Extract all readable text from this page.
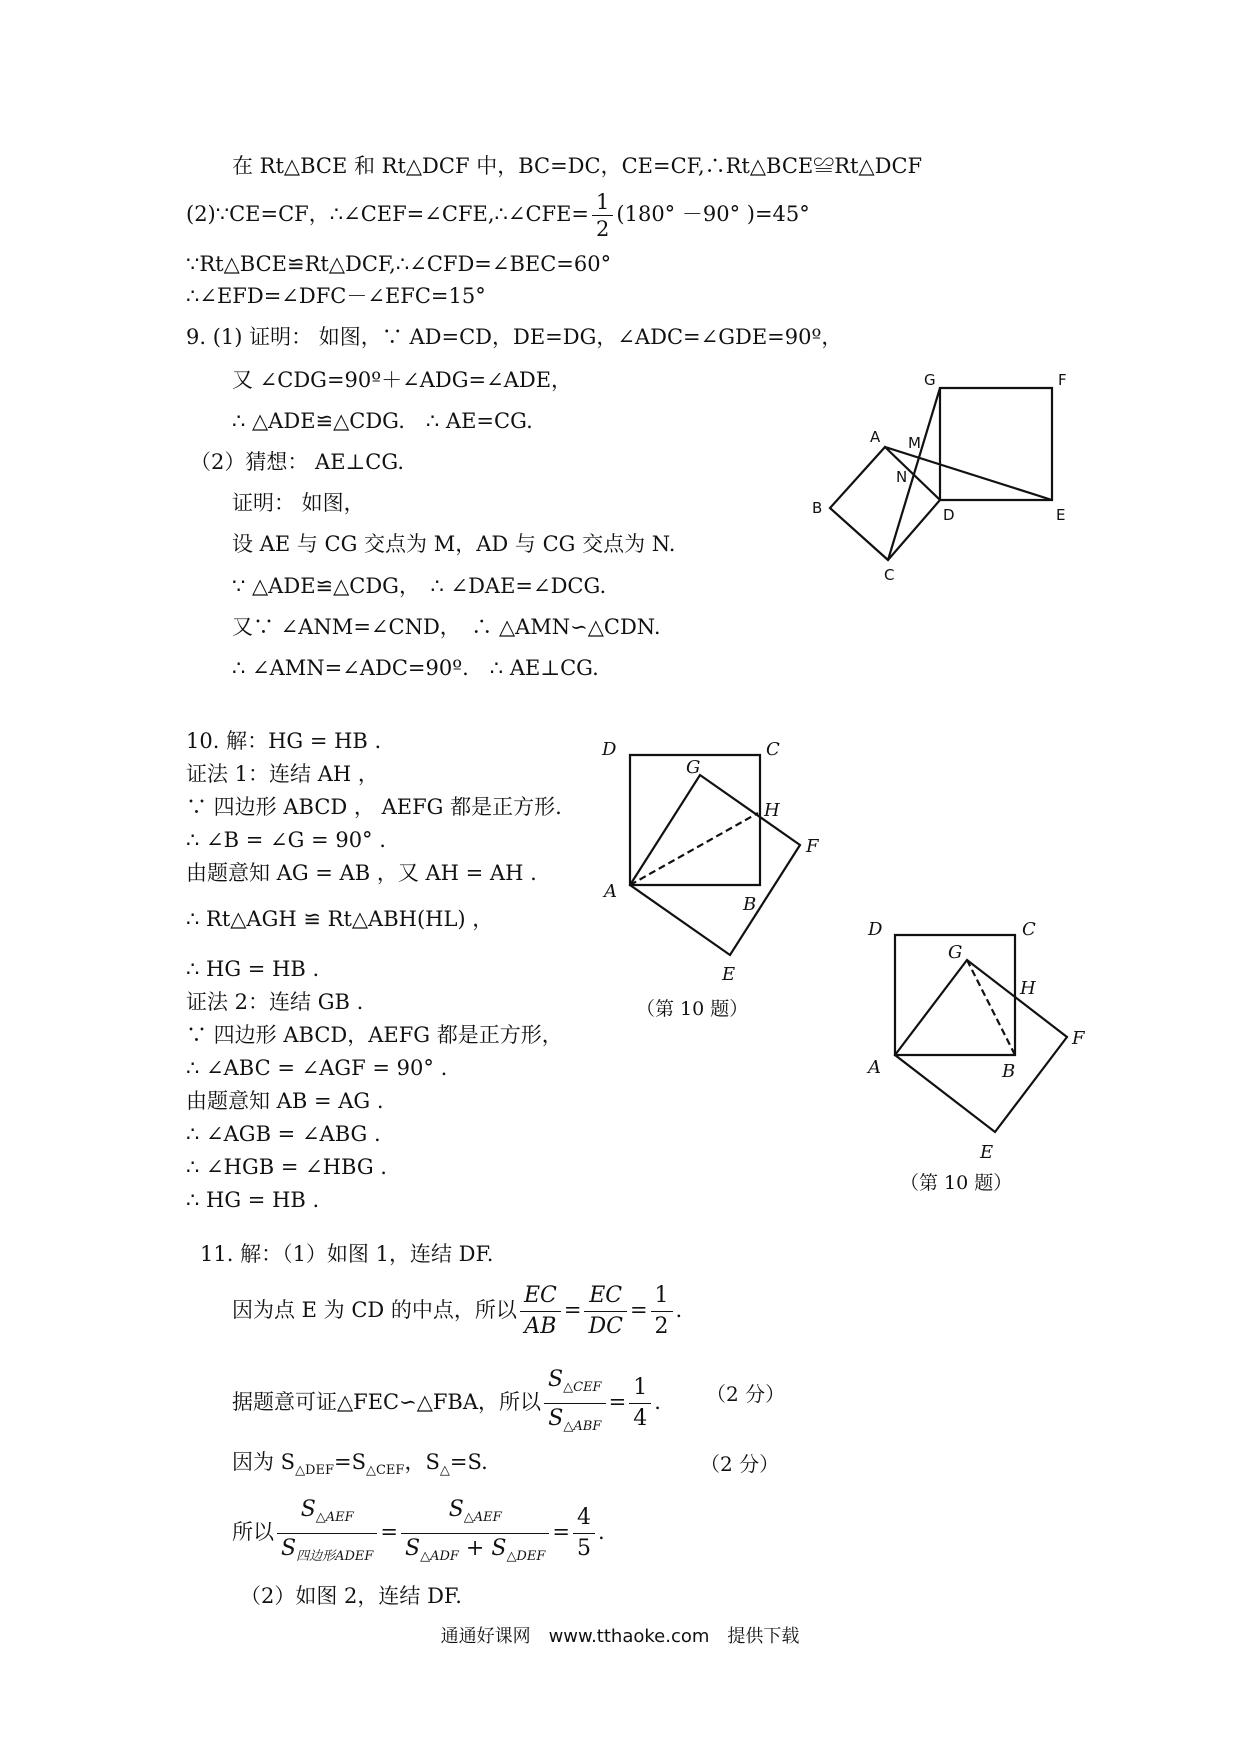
在 Rt△BCE 和 Rt△DCF 中，BC=DC，CE=CF,∴Rt△BCE≌Rt△DCF
(2)∵CE=CF，∴∠CEF=∠CFE,∴∠CFE= $\frac{1}{2} (180^\circ -90^\circ$ )=45°
∵Rt△BCE≌Rt△DCF,∴∠CFD=∠BEC=60°
∴∠EFD=∠DFC－∠EFC=15°
9. (1) 证明： 如图，∵ AD=CD，DE=DG，∠ADC=∠GDE=90º，
又 ∠CDG=90º＋∠ADG=∠ADE，
∴ △ADE≌△CDG.　∴ AE=CG.
（2）猜想： AE⊥CG.
证明： 如图，
设 AE 与 CG 交点为 M，AD 与 CG 交点为 N.
∵ △ADE≌△CDG，　∴ ∠DAE=∠DCG.
又∵ ∠ANM=∠CND，　∴ △AMN∽△CDN.
∴ ∠AMN=∠ADC=90º.　∴ AE⊥CG.
G	F
A M
N
B	D	E
C
10. 解：HG = HB .
证法 1：连结 AH ，
∵ 四边形 ABCD ， AEFG 都是正方形.
∴ ∠B = ∠G = 90° .
由题意知 AG = AB ，又 AH = AH .
∴ Rt△AGH ≌ Rt△ABH(HL) ，
∴ HG = HB .
证法 2：连结 GB .
∵ 四边形 ABCD，AEFG 都是正方形，
∴ ∠ABC = ∠AGF = 90° .
由题意知 AB = AG .
∴ ∠AGB = ∠ABG .
∴ ∠HGB = ∠HBG .
∴ HG = HB .
D	C
G
H
F
A
B
E
（第 10 题）
D	C
G
H
F
A	B
E
（第 10 题）
11. 解：（1）如图 1，连结 DF.
因为点 E 为 CD 的中点，所以 $\frac{EC}{AB} = \frac{EC}{DC} = \frac{1}{2}$ .
据题意可证△FEC∽△FBA，所以 $\frac{S_{\triangle CEF}}{S_{\triangle ABF}} = \frac{1}{4}$ . （2 分）
因为 $S_{\triangle DEF}=S_{\triangle CEF}$，$S_\triangle=S$.	（2 分）
所以 $\frac{S_{\triangle AEF}}{S_{四边形ADEF}} = \frac{S_{\triangle AEF}}{S_{\triangle ADF} + S_{\triangle DEF}} = \frac{4}{5}$ .
（2）如图 2，连结 DF.
通通好课网　www.tthaoke.com　提供下载
